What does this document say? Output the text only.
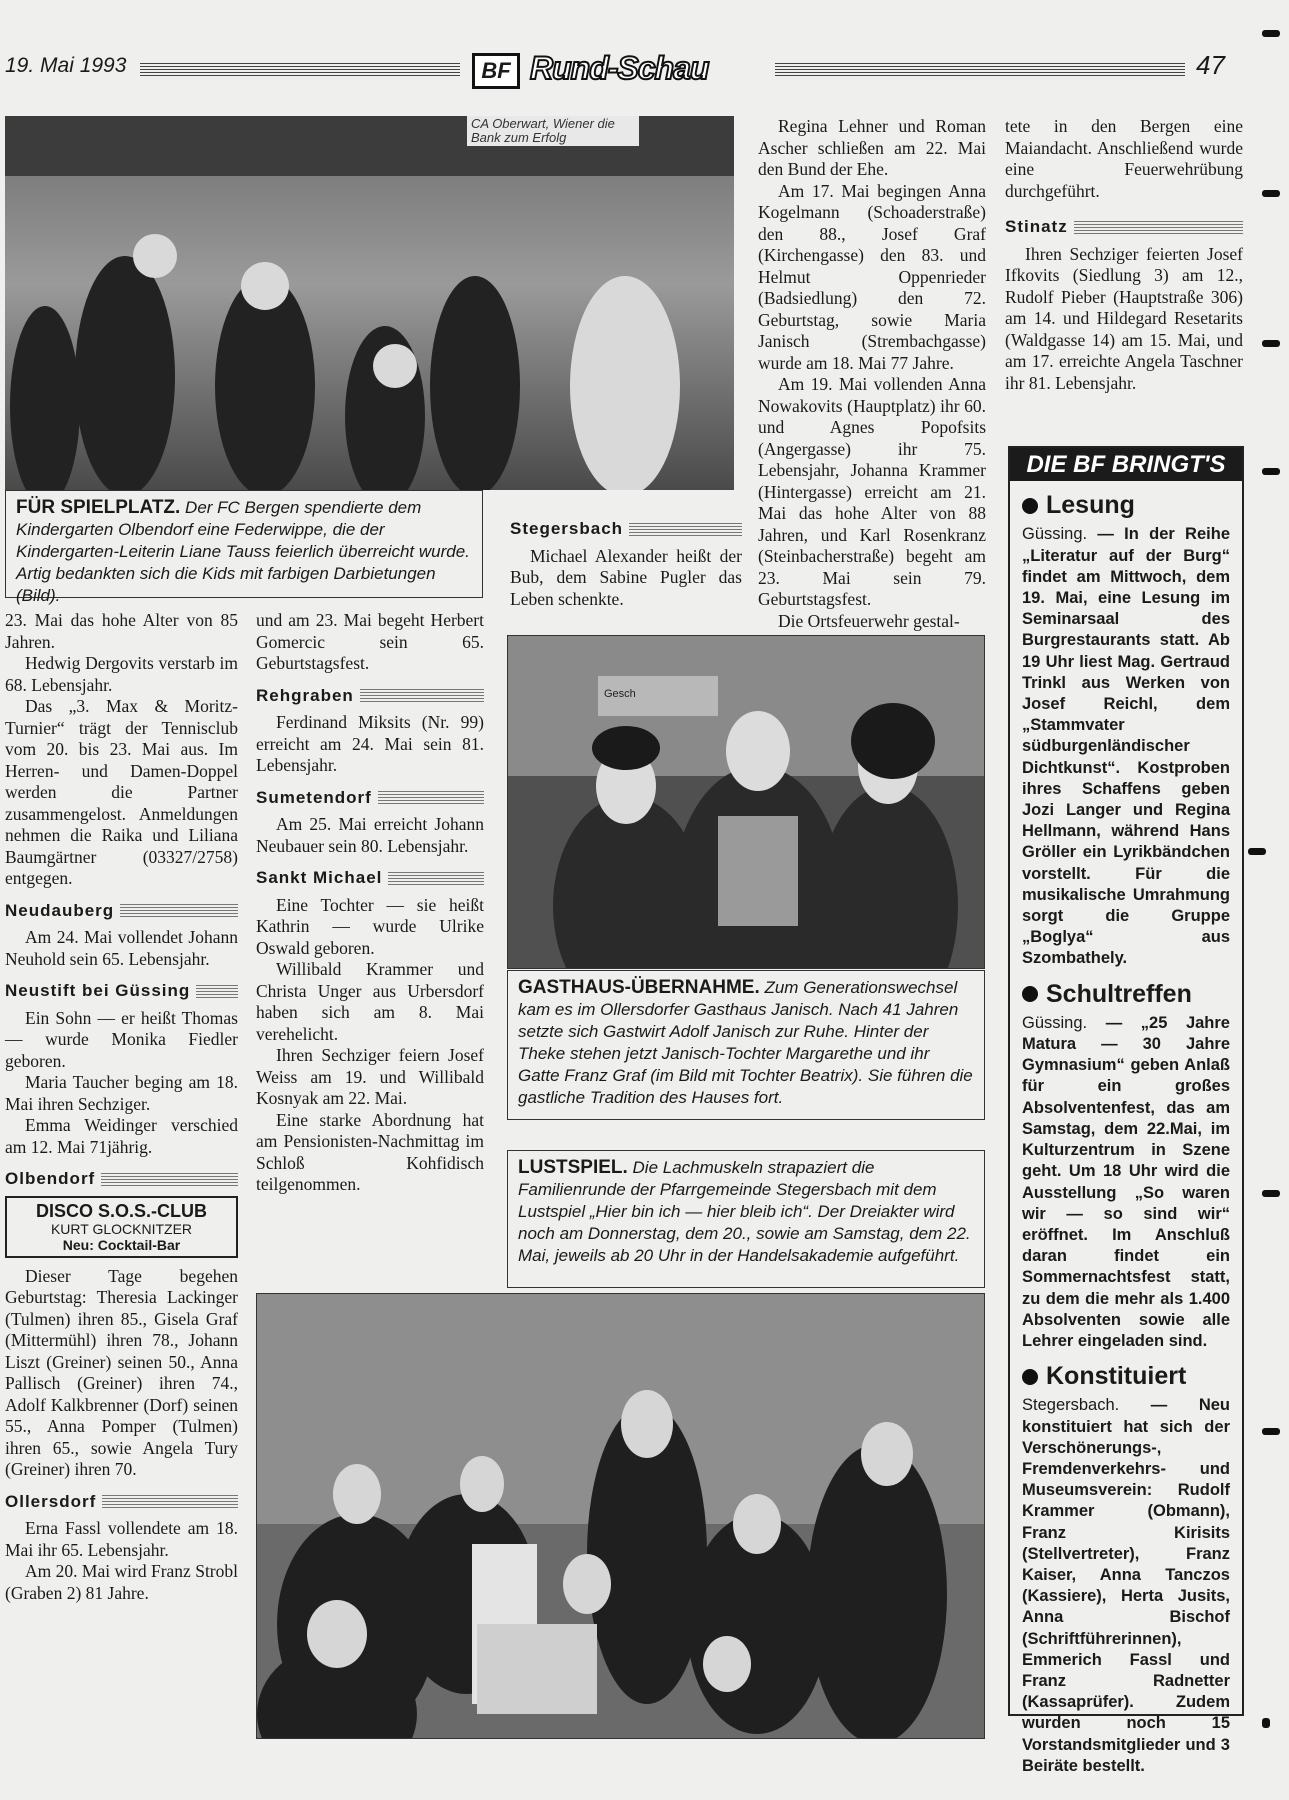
19. Mai 1993	BF Rund-Schau	47
CA Oberwart, Wiener die Bank zum Erfolg
FÜR SPIELPLATZ. Der FC Bergen spendierte dem Kindergarten Olbendorf eine Federwippe, die der Kindergarten-Leiterin Liane Tauss feierlich überreicht wurde. Artig bedankten sich die Kids mit farbigen Darbietungen (Bild).

23. Mai das hohe Alter von 85 Jahren.

Hedwig Dergovits verstarb im 68. Lebensjahr.

Das „3. Max & Moritz-Turnier“ trägt der Tennisclub vom 20. bis 23. Mai aus. Im Herren- und Damen-Doppel werden die Partner zusammengelost. Anmeldungen nehmen die Raika und Liliana Baumgärtner (03327/2758) entgegen.

Neudauberg

Am 24. Mai vollendet Johann Neuhold sein 65. Lebensjahr.

Neustift bei Güssing

Ein Sohn — er heißt Thomas — wurde Monika Fiedler geboren.

Maria Taucher beging am 18. Mai ihren Sechziger.

Emma Weidinger verschied am 12. Mai 71jährig.

Olbendorf
DISCO S.O.S.-CLUB
KURT GLOCKNITZER
Neu: Cocktail-Bar

Dieser Tage begehen Geburtstag: Theresia Lackinger (Tulmen) ihren 85., Gisela Graf (Mittermühl) ihren 78., Johann Liszt (Greiner) seinen 50., Anna Pallisch (Greiner) ihren 74., Adolf Kalkbrenner (Dorf) seinen 55., Anna Pomper (Tulmen) ihren 65., sowie Angela Tury (Greiner) ihren 70.

Ollersdorf

Erna Fassl vollendete am 18. Mai ihr 65. Lebensjahr.

Am 20. Mai wird Franz Strobl (Graben 2) 81 Jahre.

und am 23. Mai begeht Herbert Gomercic sein 65. Geburtstagsfest.

Rehgraben

Ferdinand Miksits (Nr. 99) erreicht am 24. Mai sein 81. Lebensjahr.

Sumetendorf

Am 25. Mai erreicht Johann Neubauer sein 80. Lebensjahr.

Sankt Michael

Eine Tochter — sie heißt Kathrin — wurde Ulrike Oswald geboren.

Willibald Krammer und Christa Unger aus Urbersdorf haben sich am 8. Mai verehelicht.

Ihren Sechziger feiern Josef Weiss am 19. und Willibald Kosnyak am 22. Mai.

Eine starke Abordnung hat am Pensionisten-Nachmittag im Schloß Kohfidisch teilgenommen.

Stegersbach

Michael Alexander heißt der Bub, dem Sabine Pugler das Leben schenkte.

Regina Lehner und Roman Ascher schließen am 22. Mai den Bund der Ehe.

Am 17. Mai begingen Anna Kogelmann (Schoaderstraße) den 88., Josef Graf (Kirchengasse) den 83. und Helmut Oppenrieder (Badsiedlung) den 72. Geburtstag, sowie Maria Janisch (Strembachgasse) wurde am 18. Mai 77 Jahre.

Am 19. Mai vollenden Anna Nowakovits (Hauptplatz) ihr 60. und Agnes Popofsits (Angergasse) ihr 75. Lebensjahr, Johanna Krammer (Hintergasse) erreicht am 21. Mai das hohe Alter von 88 Jahren, und Karl Rosenkranz (Steinbacherstraße) begeht am 23. Mai sein 79. Geburtstagsfest.

Die Ortsfeuerwehr gestal-

tete in den Bergen eine Maiandacht. Anschließend wurde eine Feuerwehrübung durchgeführt.

Stinatz

Ihren Sechziger feierten Josef Ifkovits (Siedlung 3) am 12., Rudolf Pieber (Hauptstraße 306) am 14. und Hildegard Resetarits (Waldgasse 14) am 15. Mai, und am 17. erreichte Angela Taschner ihr 81. Lebensjahr.

DIE BF BRINGT'S
Lesung
Güssing. — In der Reihe „Literatur auf der Burg“ findet am Mittwoch, dem 19. Mai, eine Lesung im Seminarsaal des Burgrestaurants statt. Ab 19 Uhr liest Mag. Gertraud Trinkl aus Werken von Josef Reichl, dem „Stammvater südburgenländischer Dichtkunst“. Kostproben ihres Schaffens geben Jozi Langer und Regina Hellmann, während Hans Gröller ein Lyrikbändchen vorstellt. Für die musikalische Umrahmung sorgt die Gruppe „Boglya“ aus Szombathely.
Schultreffen
Güssing. — „25 Jahre Matura — 30 Jahre Gymnasium“ geben Anlaß für ein großes Absolventenfest, das am Samstag, dem 22.Mai, im Kulturzentrum in Szene geht. Um 18 Uhr wird die Ausstellung „So waren wir — so sind wir“ eröffnet. Im Anschluß daran findet ein Sommernachtsfest statt, zu dem die mehr als 1.400 Absolventen sowie alle Lehrer eingeladen sind.
Konstituiert
Stegersbach. — Neu konstituiert hat sich der Verschönerungs-, Fremdenverkehrs- und Museumsverein: Rudolf Krammer (Obmann), Franz Kirisits (Stellvertreter), Franz Kaiser, Anna Tanczos (Kassiere), Herta Jusits, Anna Bischof (Schriftführerinnen), Emmerich Fassl und Franz Radnetter (Kassaprüfer). Zudem wurden noch 15 Vorstandsmitglieder und 3 Beiräte bestellt.
Gesch
GASTHAUS-ÜBERNAHME. Zum Generationswechsel kam es im Ollersdorfer Gasthaus Janisch. Nach 41 Jahren setzte sich Gastwirt Adolf Janisch zur Ruhe. Hinter der Theke stehen jetzt Janisch-Tochter Margarethe und ihr Gatte Franz Graf (im Bild mit Tochter Beatrix). Sie führen die gastliche Tradition des Hauses fort.
LUSTSPIEL. Die Lachmuskeln strapaziert die Familienrunde der Pfarrgemeinde Stegersbach mit dem Lustspiel „Hier bin ich — hier bleib ich“. Der Dreiakter wird noch am Donnerstag, dem 20., sowie am Samstag, dem 22. Mai, jeweils ab 20 Uhr in der Handelsakademie aufgeführt.
